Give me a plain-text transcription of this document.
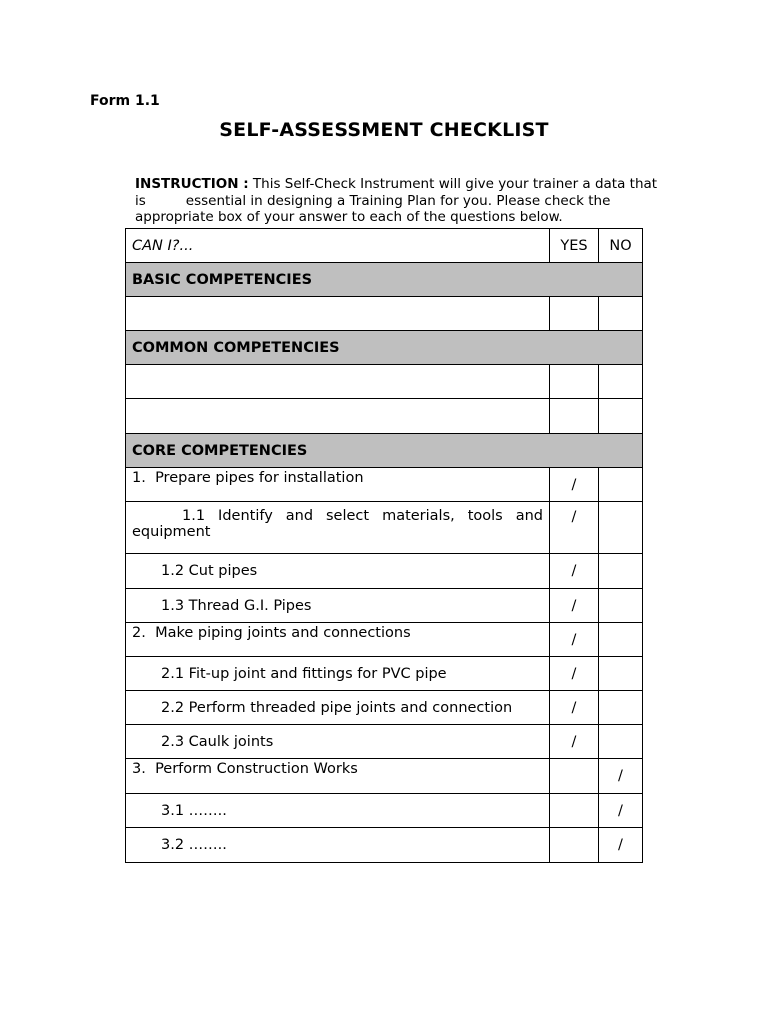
Form 1.1
SELF-ASSESSMENT CHECKLIST
INSTRUCTION : This Self-Check Instrument will give your trainer a data that
is	essential in designing a Training Plan for you. Please check the
appropriate box of your answer to each of the questions below.
CAN I?...	YES	NO
BASIC COMPETENCIES		

COMMON COMPETENCIES		

CORE COMPETENCIES		
1. Prepare pipes for installation	/	
1.1 Identify and select materials, tools and equipment	/	
1.2 Cut pipes	/	
1.3 Thread G.I. Pipes	/	
2. Make piping joints and connections	/	
2.1 Fit-up joint and fittings for PVC pipe	/	
2.2 Perform threaded pipe joints and connection	/	
2.3 Caulk joints	/	
3. Perform Construction Works		/
3.1 ……..		/
3.2 ……..		/
